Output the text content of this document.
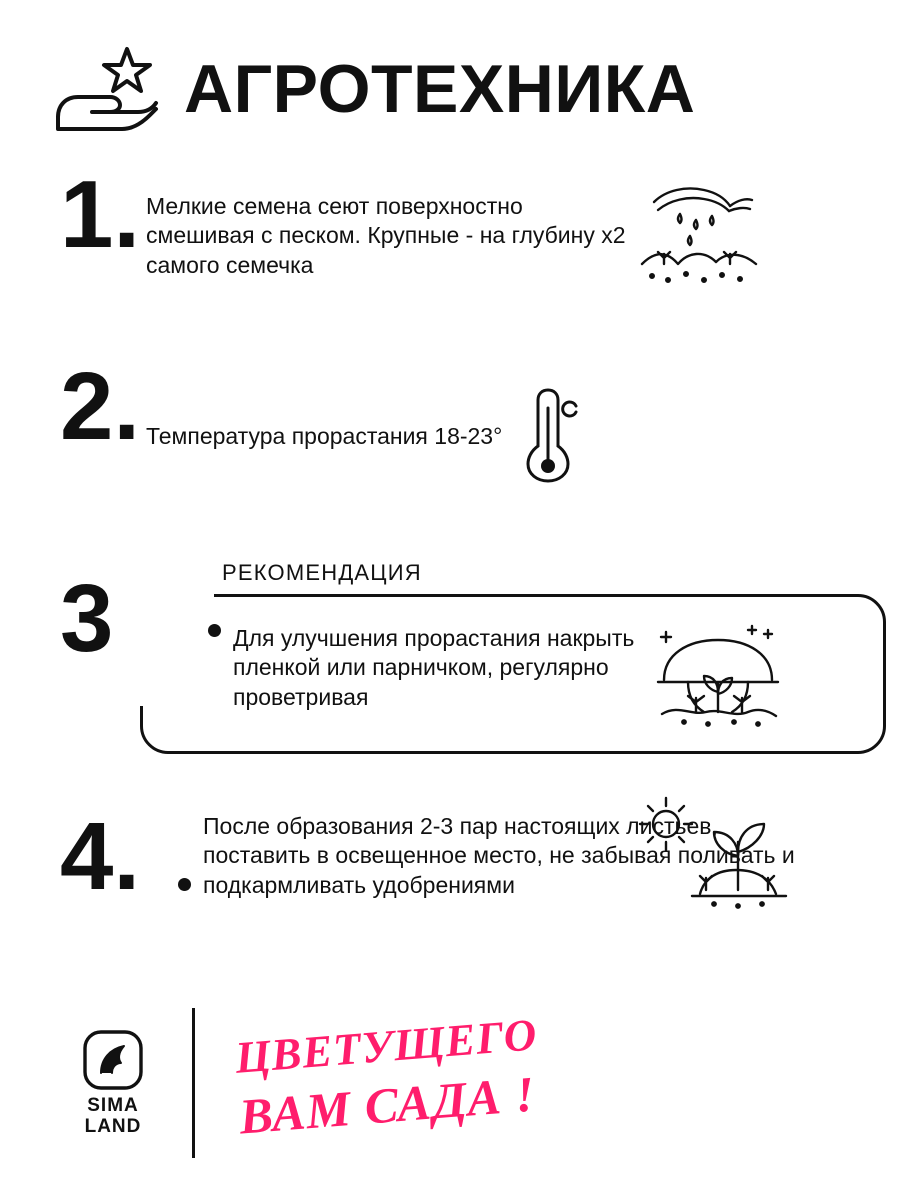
АГРОТЕХНИКА
1. Мелкие семена сеют поверхностно смешивая с песком. Крупные - на глубину х2 самого семечка
2. Температура прорастания 18-23°
РЕКОМЕНДАЦИЯ
3	Для улучшения прорастания накрыть пленкой или парничком, регулярно проветривая
4.	После образования 2-3 пар настоящих листьев, поставить в освещенное место, не забывая поливать и подкармливать удобрениями
SIMA
LAND
ЦВЕТУЩЕГО
ВАМ САДА !
